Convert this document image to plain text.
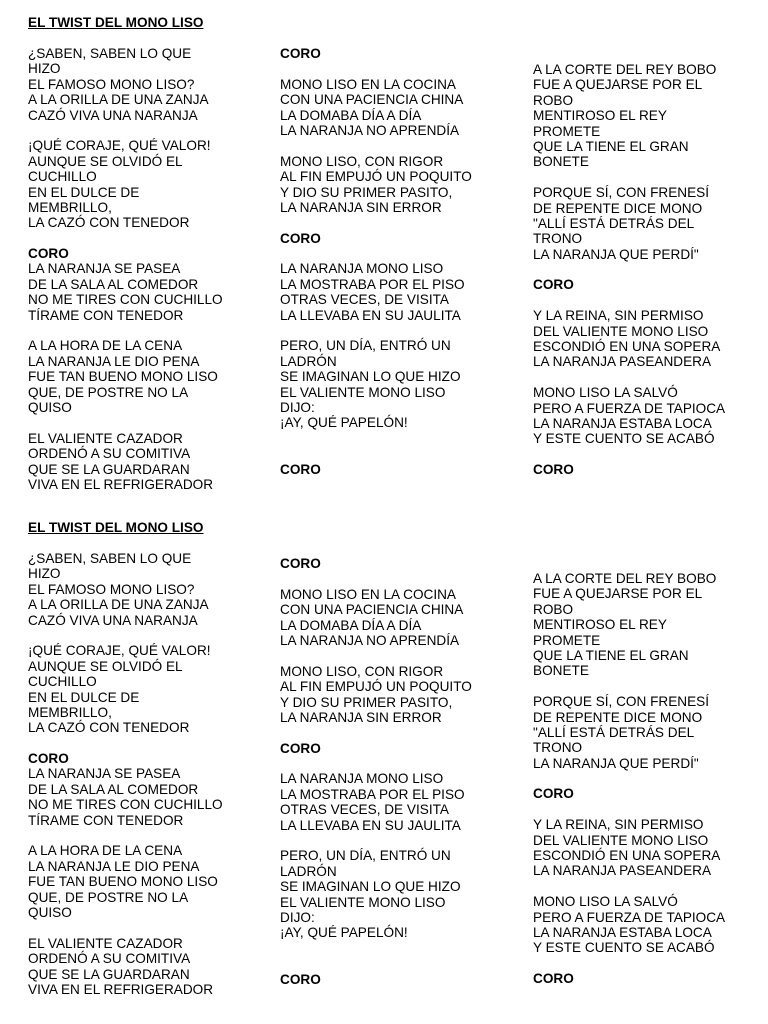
EL TWIST DEL MONO LISO
¿SABEN, SABEN LO QUE
HIZO
EL FAMOSO MONO LISO?
A LA ORILLA DE UNA ZANJA
CAZÓ VIVA UNA NARANJA
¡QUÉ CORAJE, QUÉ VALOR!
AUNQUE SE OLVIDÓ EL
CUCHILLO
EN EL DULCE DE
MEMBRILLO,
LA CAZÓ CON TENEDOR
CORO
LA NARANJA SE PASEA
DE LA SALA AL COMEDOR
NO ME TIRES CON CUCHILLO
TÍRAME CON TENEDOR
A LA HORA DE LA CENA
LA NARANJA LE DIO PENA
FUE TAN BUENO MONO LISO
QUE, DE POSTRE NO LA
QUISO
EL VALIENTE CAZADOR
ORDENÓ A SU COMITIVA
QUE SE LA GUARDARAN
VIVA EN EL REFRIGERADOR
CORO
MONO LISO EN LA COCINA
CON UNA PACIENCIA CHINA
LA DOMABA DÍA A DÍA
LA NARANJA NO APRENDÍA
MONO LISO, CON RIGOR
AL FIN EMPUJÓ UN POQUITO
Y DIO SU PRIMER PASITO,
LA NARANJA SIN ERROR
CORO
LA NARANJA MONO LISO
LA MOSTRABA POR EL PISO
OTRAS VECES, DE VISITA
LA LLEVABA EN SU JAULITA
PERO, UN DÍA, ENTRÓ UN
LADRÓN
SE IMAGINAN LO QUE HIZO
EL VALIENTE MONO LISO
DIJO:
¡AY, QUÉ PAPELÓN!
CORO
A LA CORTE DEL REY BOBO
FUE A QUEJARSE POR EL
ROBO
MENTIROSO EL REY
PROMETE
QUE LA TIENE EL GRAN
BONETE
PORQUE SÍ, CON FRENESÍ
DE REPENTE DICE MONO
"ALLÍ ESTÁ DETRÁS DEL
TRONO
LA NARANJA QUE PERDÍ"
CORO
Y LA REINA, SIN PERMISO
DEL VALIENTE MONO LISO
ESCONDIÓ EN UNA SOPERA
LA NARANJA PASEANDERA
MONO LISO LA SALVÓ
PERO A FUERZA DE TAPIOCA
LA NARANJA ESTABA LOCA
Y ESTE CUENTO SE ACABÓ
CORO
EL TWIST DEL MONO LISO
¿SABEN, SABEN LO QUE
HIZO
EL FAMOSO MONO LISO?
A LA ORILLA DE UNA ZANJA
CAZÓ VIVA UNA NARANJA
¡QUÉ CORAJE, QUÉ VALOR!
AUNQUE SE OLVIDÓ EL
CUCHILLO
EN EL DULCE DE
MEMBRILLO,
LA CAZÓ CON TENEDOR
CORO
LA NARANJA SE PASEA
DE LA SALA AL COMEDOR
NO ME TIRES CON CUCHILLO
TÍRAME CON TENEDOR
A LA HORA DE LA CENA
LA NARANJA LE DIO PENA
FUE TAN BUENO MONO LISO
QUE, DE POSTRE NO LA
QUISO
EL VALIENTE CAZADOR
ORDENÓ A SU COMITIVA
QUE SE LA GUARDARAN
VIVA EN EL REFRIGERADOR
CORO
MONO LISO EN LA COCINA
CON UNA PACIENCIA CHINA
LA DOMABA DÍA A DÍA
LA NARANJA NO APRENDÍA
MONO LISO, CON RIGOR
AL FIN EMPUJÓ UN POQUITO
Y DIO SU PRIMER PASITO,
LA NARANJA SIN ERROR
CORO
LA NARANJA MONO LISO
LA MOSTRABA POR EL PISO
OTRAS VECES, DE VISITA
LA LLEVABA EN SU JAULITA
PERO, UN DÍA, ENTRÓ UN
LADRÓN
SE IMAGINAN LO QUE HIZO
EL VALIENTE MONO LISO
DIJO:
¡AY, QUÉ PAPELÓN!
CORO
A LA CORTE DEL REY BOBO
FUE A QUEJARSE POR EL
ROBO
MENTIROSO EL REY
PROMETE
QUE LA TIENE EL GRAN
BONETE
PORQUE SÍ, CON FRENESÍ
DE REPENTE DICE MONO
"ALLÍ ESTÁ DETRÁS DEL
TRONO
LA NARANJA QUE PERDÍ"
CORO
Y LA REINA, SIN PERMISO
DEL VALIENTE MONO LISO
ESCONDIÓ EN UNA SOPERA
LA NARANJA PASEANDERA
MONO LISO LA SALVÓ
PERO A FUERZA DE TAPIOCA
LA NARANJA ESTABA LOCA
Y ESTE CUENTO SE ACABÓ
CORO
